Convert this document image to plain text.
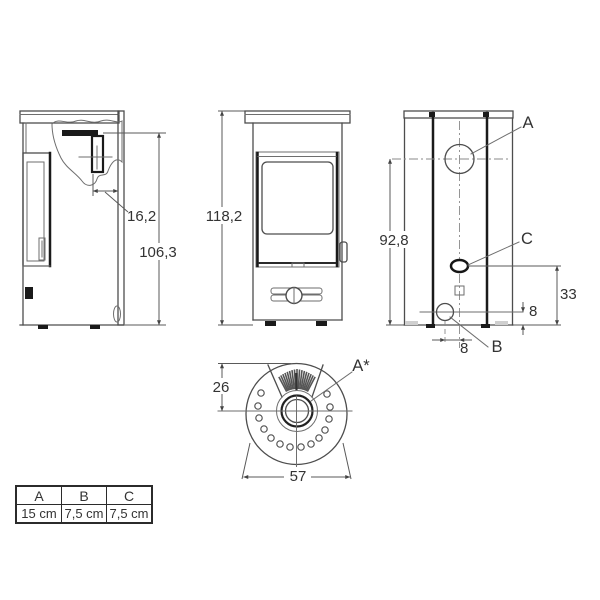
16,2
106,3
118,2
92,8
33
8
8
A
C
B
26
57
A*
A	B	C
15 cm	7,5 cm	7,5 cm
